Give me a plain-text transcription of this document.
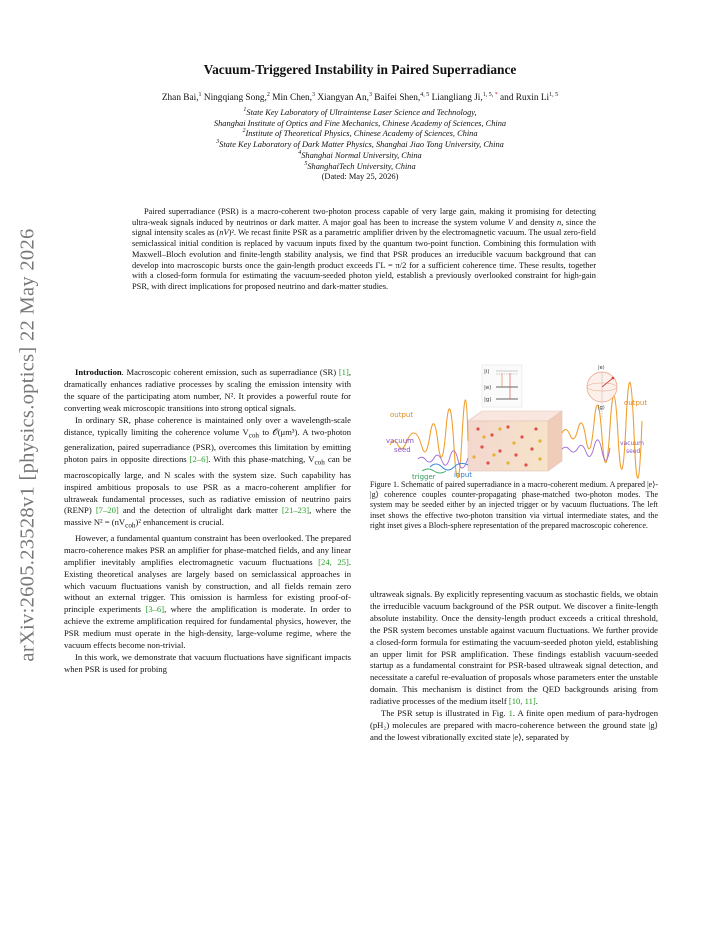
arXiv:2605.23528v1 [physics.optics] 22 May 2026
Vacuum-Triggered Instability in Paired Superradiance
Zhan Bai,$^1$ Ningqiang Song,$^2$ Min Chen,$^3$ Xiangyan An,$^3$ Baifei Shen,$^{4, 5}$ Liangliang Ji,$^{1, 5,}$ * and Ruxin Li$^{1, 5}$
$^1$State Key Laboratory of Ultraintense Laser Science and Technology,
Shanghai Institute of Optics and Fine Mechanics, Chinese Academy of Sciences, China
$^2$Institute of Theoretical Physics, Chinese Academy of Sciences, China
$^3$State Key Laboratory of Dark Matter Physics, Shanghai Jiao Tong University, China
$^4$Shanghai Normal University, China
$^5$ShanghaiTech University, China
(Dated: May 25, 2026)
Paired superradiance (PSR) is a macro-coherent two-photon process capable of very large gain, making it promising for detecting ultra-weak signals induced by neutrinos or dark matter. A major goal has been to increase the system volume V and density n, since the signal intensity scales as (nV)². We recast finite PSR as a parametric amplifier driven by the electromagnetic vacuum. The usual zero-field semiclassical initial condition is replaced by vacuum inputs fixed by the quantum two-point function. Combining this formulation with Maxwell–Bloch evolution and finite-length stability analysis, we find that PSR produces an irreducible vacuum background that can develop into macroscopic bursts once the gain-length product exceeds ΓL = π/2 for a sufficient coherence time. These results, together with a closed-form formula for estimating the vacuum-seeded photon yield, establish a previously overlooked constraint for high-gain PSR, with direct implications for proposed neutrino and dark-matter studies.

Introduction. Macroscopic coherent emission, such as superradiance (SR) [1], dramatically enhances radiative processes by scaling the emission intensity with the square of the participating atom number, N². It provides a powerful route for converting weak microscopic transitions into strong optical signals.

In ordinary SR, phase coherence is maintained only over a wavelength-scale distance, typically limiting the coherence volume $V_{coh}$ to 𝒪(μm³). A two-photon generalization, paired superradiance (PSR), overcomes this limitation by emitting photon pairs in opposite directions [2–6]. With this phase-matching, $V_{coh}$ can be macroscopically large, and N scales with the system size. Such capability has inspired ambitious proposals to use PSR as a macro-coherent amplifier for ultraweak fundamental processes, such as radiative emission of neutrino pairs (RENP) [7–20] and the detection of ultralight dark matter [21–23], where the massive $N^2 = (nV_{coh})^2$ enhancement is crucial.

However, a fundamental quantum constraint has been overlooked. The prepared macro-coherence makes PSR an amplifier for phase-matched fields, and any linear amplifier inevitably amplifies electromagnetic vacuum fluctuations [24, 25]. Existing theoretical analyses are largely based on semiclassical approaches in which vacuum fluctuations vanish by construction, and all fields remain zero without an external trigger. This omission is harmless for existing proof-of-principle experiments [3–6], where the amplification is moderate. In order to achieve the extreme amplification required for fundamental physics, however, the PSR medium must operate in the high-density, large-volume regime, where the vacuum effects become non-trivial.

In this work, we demonstrate that vacuum fluctuations have significant impacts when PSR is used for probing

output
output
vacuum
seed
trigger	input
vacuum
seed
|i⟩
|e⟩
|g⟩
|e⟩
|g⟩
Figure 1. Schematic of paired superradiance in a macro-coherent medium. A prepared |e⟩-|g⟩ coherence couples counter-propagating phase-matched two-photon modes. The system may be seeded either by an injected trigger or by vacuum fluctuations. The left inset shows the effective two-photon transition via virtual intermediate states, and the right inset gives a Bloch-sphere representation of the prepared macroscopic coherence.

ultraweak signals. By explicitly representing vacuum as stochastic fields, we obtain the irreducible vacuum background of the PSR output. We discover a finite-length absolute instability. Once the density-length product exceeds a critical threshold, the PSR system becomes unstable against vacuum fluctuations. We further provide a closed-form formula for estimating the vacuum-seeded photon yield, establishing an upper limit for PSR amplification. These findings establish vacuum-seeded startup as a fundamental constraint for PSR-based ultraweak signal detection, and necessitate a careful re-evaluation of proposals whose parameters enter the unstable domain. This mechanism is distinct from the QED backgrounds arising from radiative processes of the medium itself [10, 11].

The PSR setup is illustrated in Fig. 1. A finite open medium of para-hydrogen (pH₂) molecules are prepared with macro-coherence between the ground state |g⟩ and the lowest vibrationally excited state |e⟩, separated by
